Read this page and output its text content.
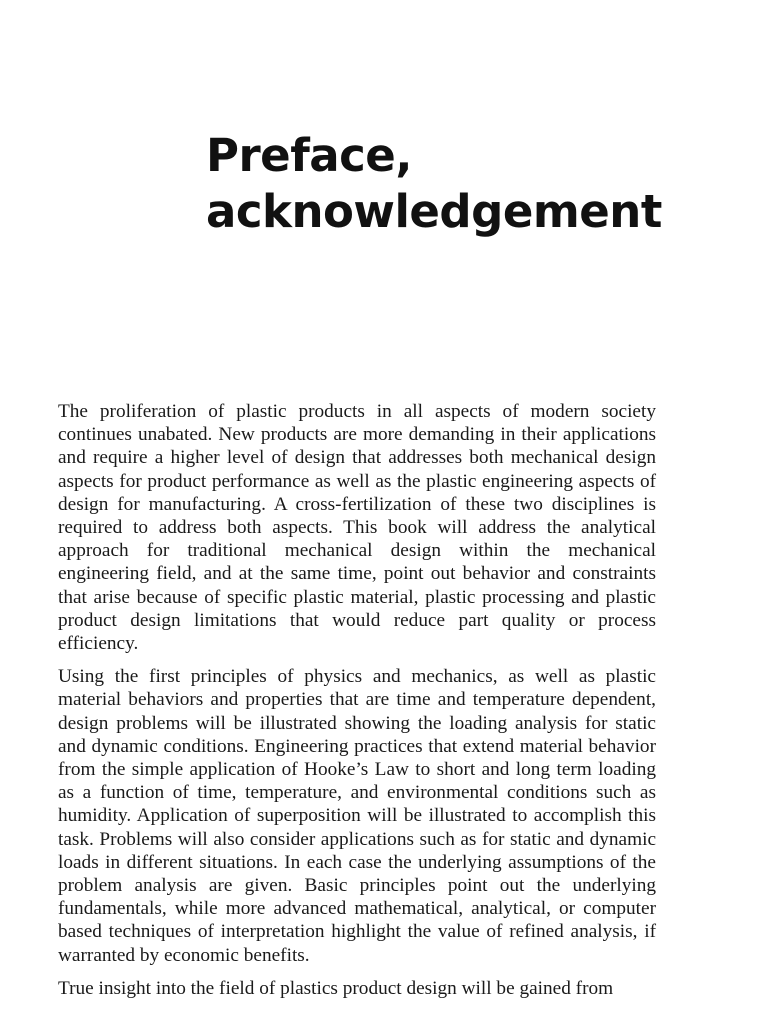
Preface,
acknowledgement

The proliferation of plastic products in all aspects of modern society continues unabated. New products are more demanding in their applications and require a higher level of design that addresses both mechanical design aspects for product performance as well as the plastic engineering aspects of design for manufacturing. A cross-fertilization of these two disciplines is required to address both aspects. This book will address the analytical approach for traditional mechanical design within the mechanical engineering field, and at the same time, point out behavior and constraints that arise because of specific plastic material, plastic processing and plastic product design limitations that would reduce part quality or process efficiency.

Using the first principles of physics and mechanics, as well as plastic material behaviors and properties that are time and temperature dependent, design problems will be illustrated showing the loading analysis for static and dynamic conditions. Engineering practices that extend material behavior from the simple application of Hooke’s Law to short and long term loading as a function of time, temperature, and environmental conditions such as humidity. Application of superposition will be illustrated to accomplish this task. Problems will also consider applications such as for static and dynamic loads in different situations. In each case the underlying assumptions of the problem analysis are given. Basic principles point out the underlying fundamentals, while more advanced mathematical, analytical, or computer based techniques of interpretation highlight the value of refined analysis, if warranted by economic benefits.

True insight into the field of plastics product design will be gained from
